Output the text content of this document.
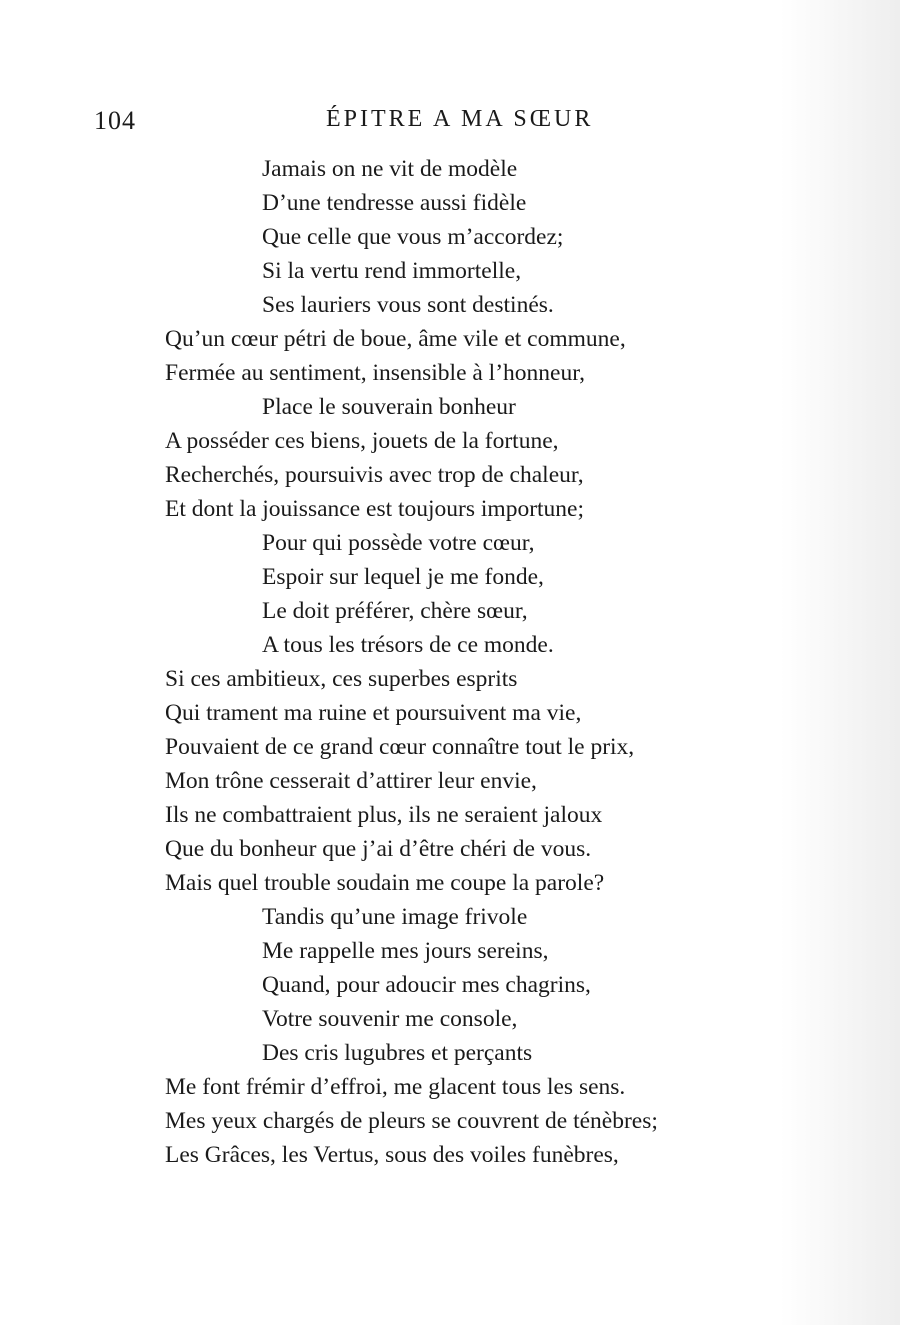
104	ÉPITRE A MA SŒUR
Jamais on ne vit de modèle
D’une tendresse aussi fidèle
Que celle que vous m’accordez;
Si la vertu rend immortelle,
Ses lauriers vous sont destinés.
Qu’un cœur pétri de boue, âme vile et commune,
Fermée au sentiment, insensible à l’honneur,
Place le souverain bonheur
A posséder ces biens, jouets de la fortune,
Recherchés, poursuivis avec trop de chaleur,
Et dont la jouissance est toujours importune;
Pour qui possède votre cœur,
Espoir sur lequel je me fonde,
Le doit préférer, chère sœur,
A tous les trésors de ce monde.
Si ces ambitieux, ces superbes esprits
Qui trament ma ruine et poursuivent ma vie,
Pouvaient de ce grand cœur connaître tout le prix,
Mon trône cesserait d’attirer leur envie,
Ils ne combattraient plus, ils ne seraient jaloux
Que du bonheur que j’ai d’être chéri de vous.
Mais quel trouble soudain me coupe la parole?
Tandis qu’une image frivole
Me rappelle mes jours sereins,
Quand, pour adoucir mes chagrins,
Votre souvenir me console,
Des cris lugubres et perçants
Me font frémir d’effroi, me glacent tous les sens.
Mes yeux chargés de pleurs se couvrent de ténèbres;
Les Grâces, les Vertus, sous des voiles funèbres,
